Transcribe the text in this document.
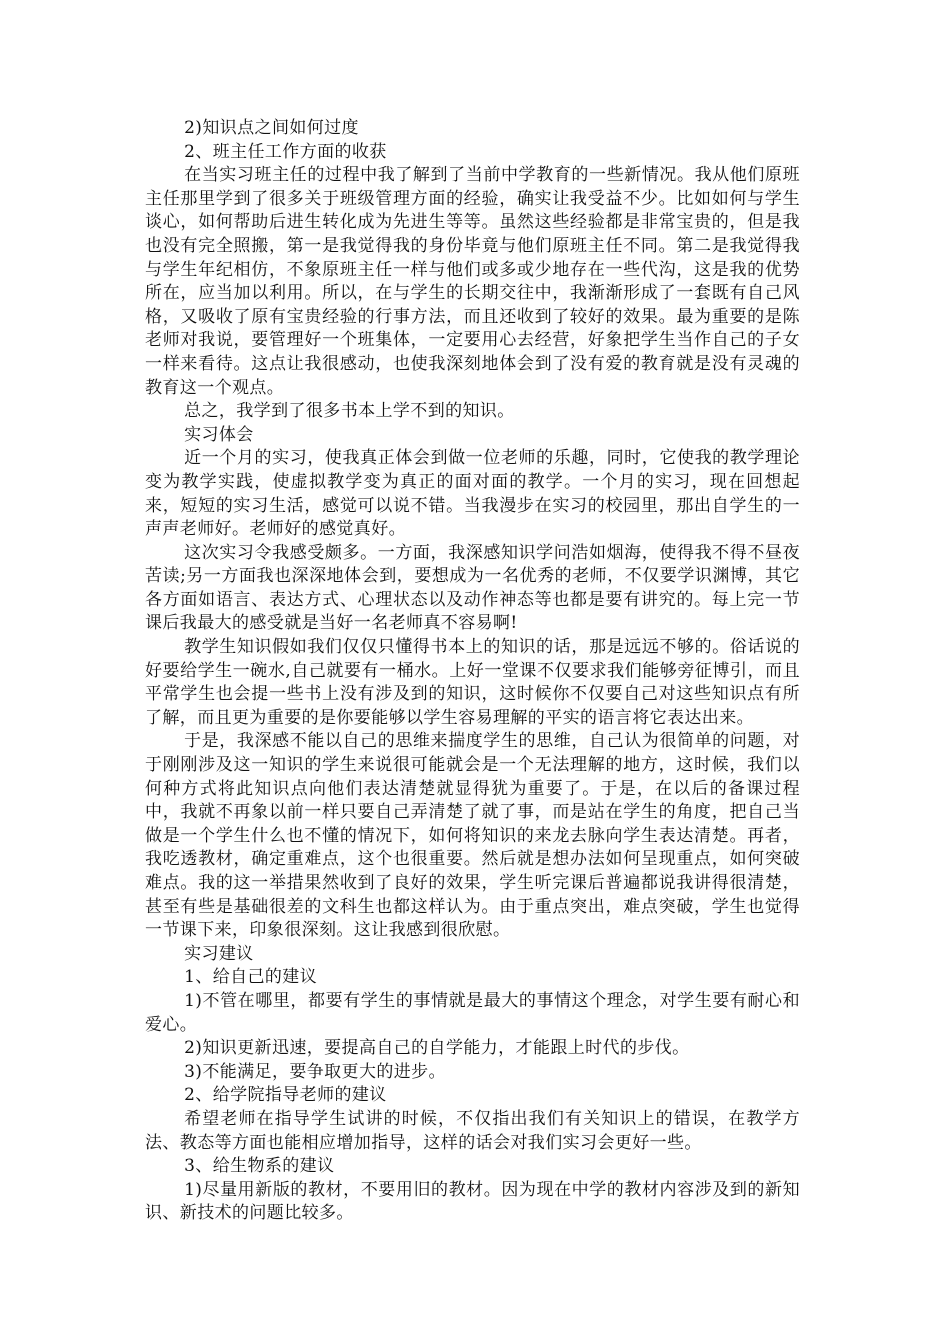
2)知识点之间如何过度

2、班主任工作方面的收获

在当实习班主任的过程中我了解到了当前中学教育的一些新情况。我从他们原班主任那里学到了很多关于班级管理方面的经验，确实让我受益不少。比如如何与学生谈心，如何帮助后进生转化成为先进生等等。虽然这些经验都是非常宝贵的，但是我也没有完全照搬，第一是我觉得我的身份毕竟与他们原班主任不同。第二是我觉得我与学生年纪相仿，不象原班主任一样与他们或多或少地存在一些代沟，这是我的优势所在，应当加以利用。所以，在与学生的长期交往中，我渐渐形成了一套既有自己风格，又吸收了原有宝贵经验的行事方法，而且还收到了较好的效果。最为重要的是陈老师对我说，要管理好一个班集体，一定要用心去经营，好象把学生当作自己的子女一样来看待。这点让我很感动，也使我深刻地体会到了没有爱的教育就是没有灵魂的教育这一个观点。

总之，我学到了很多书本上学不到的知识。

实习体会

近一个月的实习，使我真正体会到做一位老师的乐趣，同时，它使我的教学理论变为教学实践，使虚拟教学变为真正的面对面的教学。一个月的实习，现在回想起来，短短的实习生活，感觉可以说不错。当我漫步在实习的校园里，那出自学生的一声声老师好。老师好的感觉真好。

这次实习令我感受颇多。一方面，我深感知识学问浩如烟海，使得我不得不昼夜苦读;另一方面我也深深地体会到，要想成为一名优秀的老师，不仅要学识渊博，其它各方面如语言、表达方式、心理状态以及动作神态等也都是要有讲究的。每上完一节课后我最大的感受就是当好一名老师真不容易啊!

教学生知识假如我们仅仅只懂得书本上的知识的话，那是远远不够的。俗话说的好要给学生一碗水,自己就要有一桶水。上好一堂课不仅要求我们能够旁征博引，而且平常学生也会提一些书上没有涉及到的知识，这时候你不仅要自己对这些知识点有所了解，而且更为重要的是你要能够以学生容易理解的平实的语言将它表达出来。

于是，我深感不能以自己的思维来揣度学生的思维，自己认为很简单的问题，对于刚刚涉及这一知识的学生来说很可能就会是一个无法理解的地方，这时候，我们以何种方式将此知识点向他们表达清楚就显得犹为重要了。于是，在以后的备课过程中，我就不再象以前一样只要自己弄清楚了就了事，而是站在学生的角度，把自己当做是一个学生什么也不懂的情况下，如何将知识的来龙去脉向学生表达清楚。再者，我吃透教材，确定重难点，这个也很重要。然后就是想办法如何呈现重点，如何突破难点。我的这一举措果然收到了良好的效果，学生听完课后普遍都说我讲得很清楚，甚至有些是基础很差的文科生也都这样认为。由于重点突出，难点突破，学生也觉得一节课下来，印象很深刻。这让我感到很欣慰。

实习建议

1、给自己的建议

1)不管在哪里，都要有学生的事情就是最大的事情这个理念，对学生要有耐心和爱心。

2)知识更新迅速，要提高自己的自学能力，才能跟上时代的步伐。

3)不能满足，要争取更大的进步。

2、给学院指导老师的建议

希望老师在指导学生试讲的时候，不仅指出我们有关知识上的错误，在教学方法、教态等方面也能相应增加指导，这样的话会对我们实习会更好一些。

3、给生物系的建议

1)尽量用新版的教材，不要用旧的教材。因为现在中学的教材内容涉及到的新知识、新技术的问题比较多。
